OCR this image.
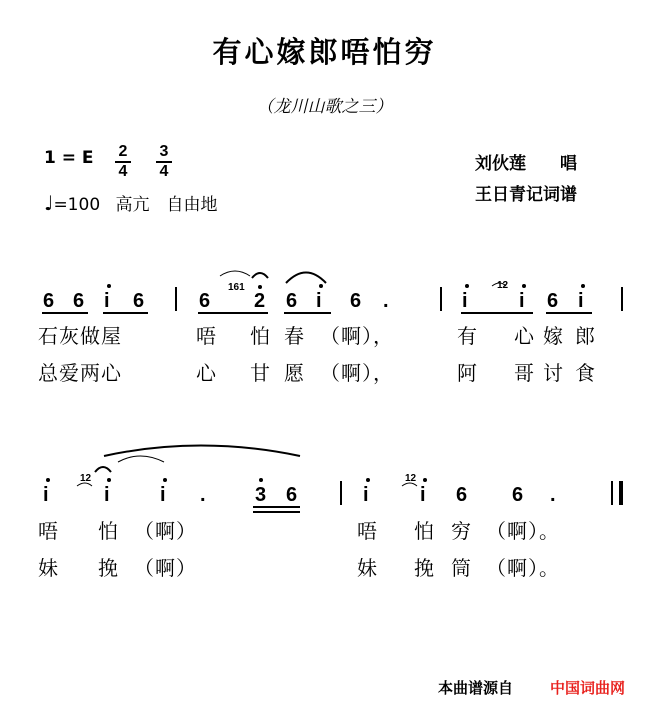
有心嫁郎唔怕穷
（龙川山歌之三）
1 = E $\frac{2}{4} \frac{3}{4}$
♩=100 高亢　自由地
刘伙莲　　唱
王日青记词谱
6 6 i 6	6 2 6 i 6 .	i	i 6 i
161	12
i	i	i . 3 6	i	i 6 6 .
12	12
石灰做屋	唔 怕 春 （啊），	有 心 嫁 郎
总爱两心	心 甘 愿 （啊），	阿 哥 讨 食
唔 怕 （啊）	唔 怕 穷 （啊）。
妹 挽 （啊）	妹 挽 筒 （啊）。
本曲谱源自 中国词曲网
